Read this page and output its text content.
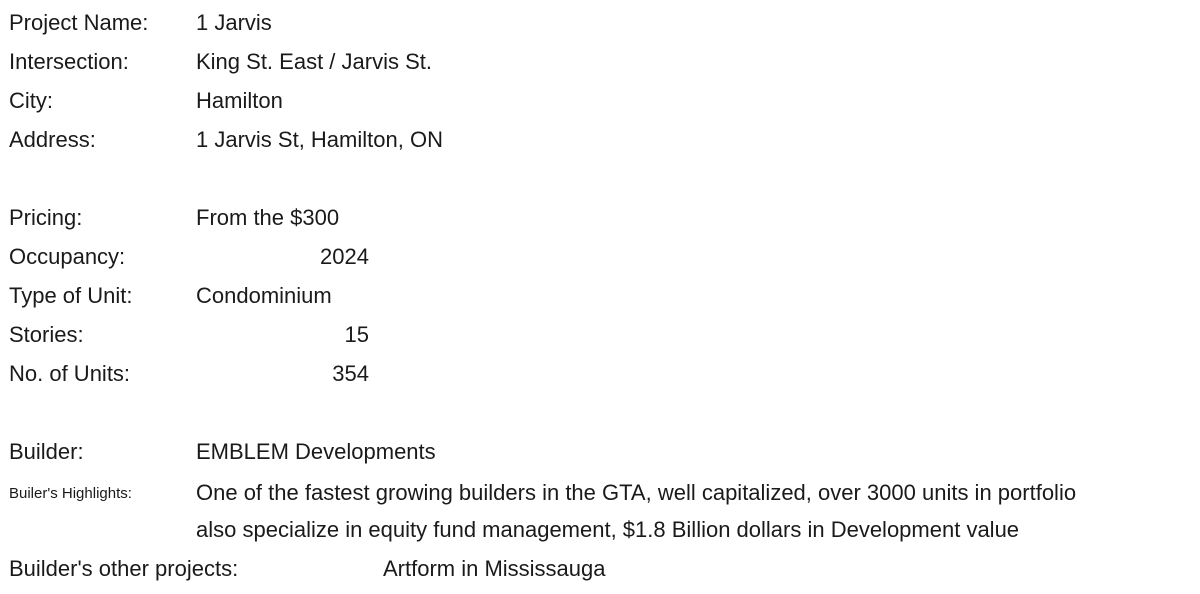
Project Name: 1 Jarvis
Intersection:	King St. East / Jarvis St.
City:	Hamilton
Address:	1 Jarvis St, Hamilton, ON
Pricing:	From the $300
Occupancy:	2024
Type of Unit:	Condominium
Stories:	15
No. of Units:	354
Builder:	EMBLEM Developments
Builer's Highlights:	One of the fastest growing builders in the GTA, well capitalized, over 3000 units in portfolio
also specialize in equity fund management, $1.8 Billion dollars in Development value
Builder's other projects:	Artform in Mississauga
